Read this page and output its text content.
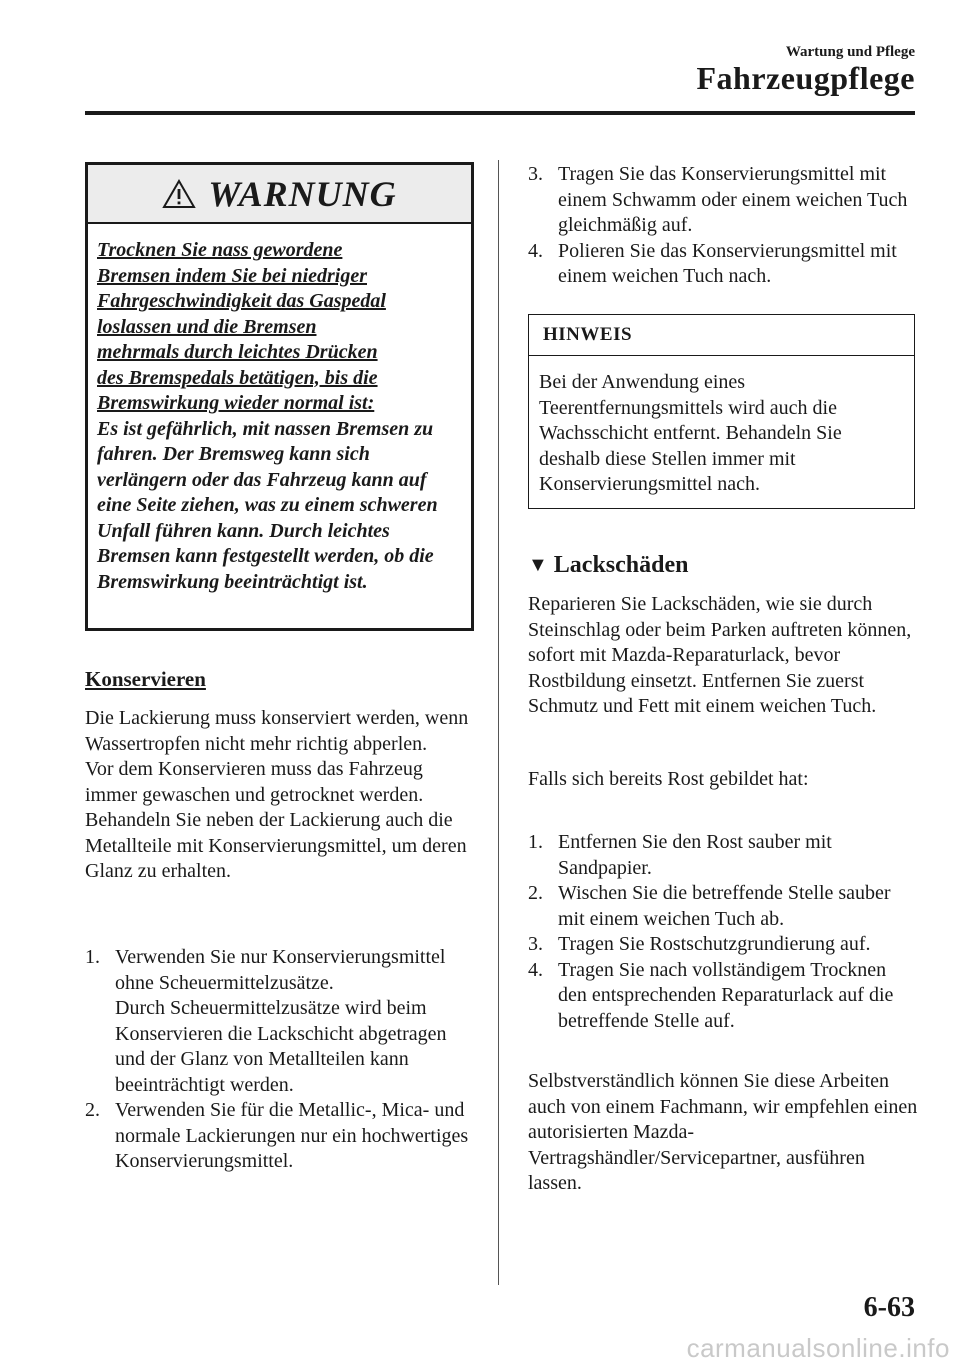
Wartung und Pflege
Fahrzeugpflege
WARNUNG
Trocknen Sie nass gewordene
Bremsen indem Sie bei niedriger
Fahrgeschwindigkeit das Gaspedal
loslassen und die Bremsen
mehrmals durch leichtes Drücken
des Bremspedals betätigen, bis die
Bremswirkung wieder normal ist:
Es ist gefährlich, mit nassen Bremsen zu fahren. Der Bremsweg kann sich verlängern oder das Fahrzeug kann auf eine Seite ziehen, was zu einem schweren Unfall führen kann. Durch leichtes Bremsen kann festgestellt werden, ob die Bremswirkung beeinträchtigt ist.
Konservieren

Die Lackierung muss konserviert werden, wenn Wassertropfen nicht mehr richtig abperlen.

Vor dem Konservieren muss das Fahrzeug immer gewaschen und getrocknet werden. Behandeln Sie neben der Lackierung auch die Metallteile mit Konservierungsmittel, um deren Glanz zu erhalten.

1. Verwenden Sie nur Konservierungsmittel ohne Scheuermittelzusätze.
Durch Scheuermittelzusätze wird beim Konservieren die Lackschicht abgetragen und der Glanz von Metallteilen kann beeinträchtigt werden.
2. Verwenden Sie für die Metallic-, Mica- und normale Lackierungen nur ein hochwertiges Konservierungsmittel.
3. Tragen Sie das Konservierungsmittel mit einem Schwamm oder einem weichen Tuch gleichmäßig auf.
4. Polieren Sie das Konservierungsmittel mit einem weichen Tuch nach.
HINWEIS
Bei der Anwendung eines Teerentfernungsmittels wird auch die Wachsschicht entfernt. Behandeln Sie deshalb diese Stellen immer mit Konservierungsmittel nach.
▼ Lackschäden

Reparieren Sie Lackschäden, wie sie durch Steinschlag oder beim Parken auftreten können, sofort mit Mazda-Reparaturlack, bevor Rostbildung einsetzt. Entfernen Sie zuerst Schmutz und Fett mit einem weichen Tuch.

Falls sich bereits Rost gebildet hat:

1. Entfernen Sie den Rost sauber mit Sandpapier.
2. Wischen Sie die betreffende Stelle sauber mit einem weichen Tuch ab.
3. Tragen Sie Rostschutzgrundierung auf.
4. Tragen Sie nach vollständigem Trocknen den entsprechenden Reparaturlack auf die betreffende Stelle auf.

Selbstverständlich können Sie diese Arbeiten auch von einem Fachmann, wir empfehlen einen autorisierten Mazda-Vertragshändler/Servicepartner, ausführen lassen.

6-63
carmanualsonline.info
